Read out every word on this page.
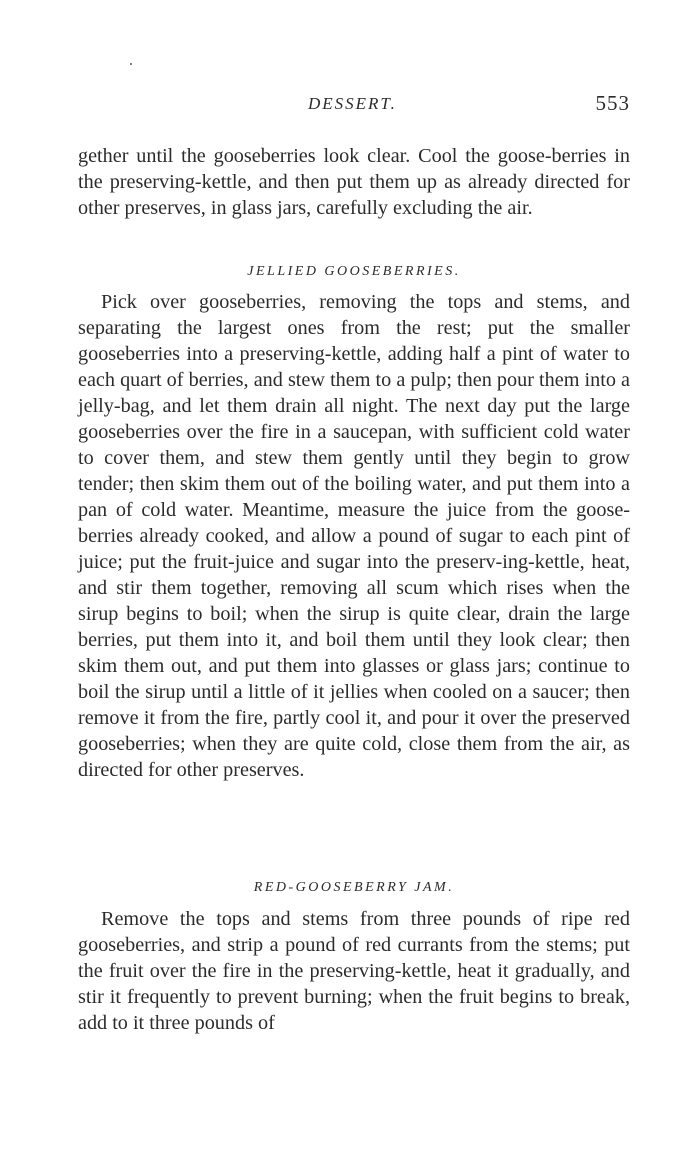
DESSERT.	553

gether until the gooseberries look clear. Cool the goose-berries in the preserving-kettle, and then put them up as already directed for other preserves, in glass jars, carefully excluding the air.

JELLIED GOOSEBERRIES.

Pick over gooseberries, removing the tops and stems, and separating the largest ones from the rest; put the smaller gooseberries into a preserving-kettle, adding half a pint of water to each quart of berries, and stew them to a pulp; then pour them into a jelly-bag, and let them drain all night. The next day put the large gooseberries over the fire in a saucepan, with sufficient cold water to cover them, and stew them gently until they begin to grow tender; then skim them out of the boiling water, and put them into a pan of cold water. Meantime, measure the juice from the goose-berries already cooked, and allow a pound of sugar to each pint of juice; put the fruit-juice and sugar into the preserv-ing-kettle, heat, and stir them together, removing all scum which rises when the sirup begins to boil; when the sirup is quite clear, drain the large berries, put them into it, and boil them until they look clear; then skim them out, and put them into glasses or glass jars; continue to boil the sirup until a little of it jellies when cooled on a saucer; then remove it from the fire, partly cool it, and pour it over the preserved gooseberries; when they are quite cold, close them from the air, as directed for other preserves.

RED-GOOSEBERRY JAM.

Remove the tops and stems from three pounds of ripe red gooseberries, and strip a pound of red currants from the stems; put the fruit over the fire in the preserving-kettle, heat it gradually, and stir it frequently to prevent burning; when the fruit begins to break, add to it three pounds of
